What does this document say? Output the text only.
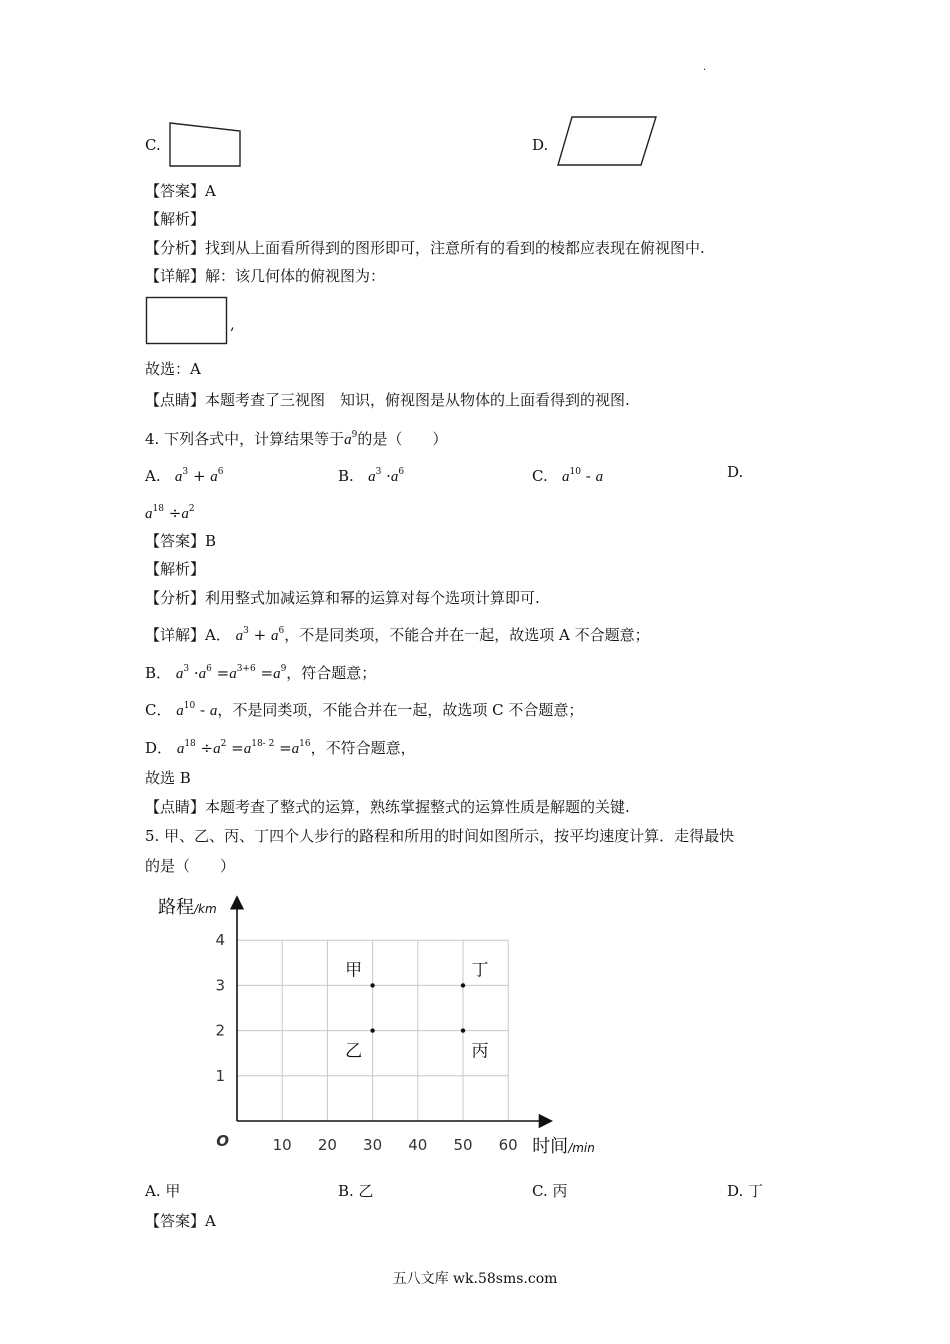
.
C.	D.
【答案】A
【解析】
【分析】找到从上面看所得到的图形即可，注意所有的看到的棱都应表现在俯视图中.
【详解】解：该几何体的俯视图为：
,
故选：A
【点睛】本题考查了三视图　知识，俯视图是从物体的上面看得到的视图.
4. 下列各式中，计算结果等于$a^9$的是（　　）
A. $a^3 + a^6$	B. $a^3 \cdot a^6$	C. $a^{10}$ - a	D.
$a^{18} \div a^2$
【答案】B
【解析】
【分析】利用整式加减运算和幂的运算对每个选项计算即可.
【详解】A． $a^3 + a^6$，不是同类项，不能合并在一起，故选项 A 不合题意；
B． $a^3 \cdot a^6 =a^{3+6} =a^9$，符合题意；
C． $a^{10}$ - a，不是同类项，不能合并在一起，故选项 C 不合题意；
D． $a^{18} \div a^2 =a^{18- 2} =a^{16}$，不符合题意，
故选 B
【点睛】本题考查了整式的运算，熟练掌握整式的运算性质是解题的关键.
5. 甲、乙、丙、丁四个人步行的路程和所用的时间如图所示，按平均速度计算．走得最快
的是（　　）
10 20 30 40 50 60
1
2
3
4
O
路程/km
时间/min
甲
乙
丁
丙
A. 甲	B. 乙	C. 丙	D. 丁
【答案】A
五八文库 wk.58sms.com
